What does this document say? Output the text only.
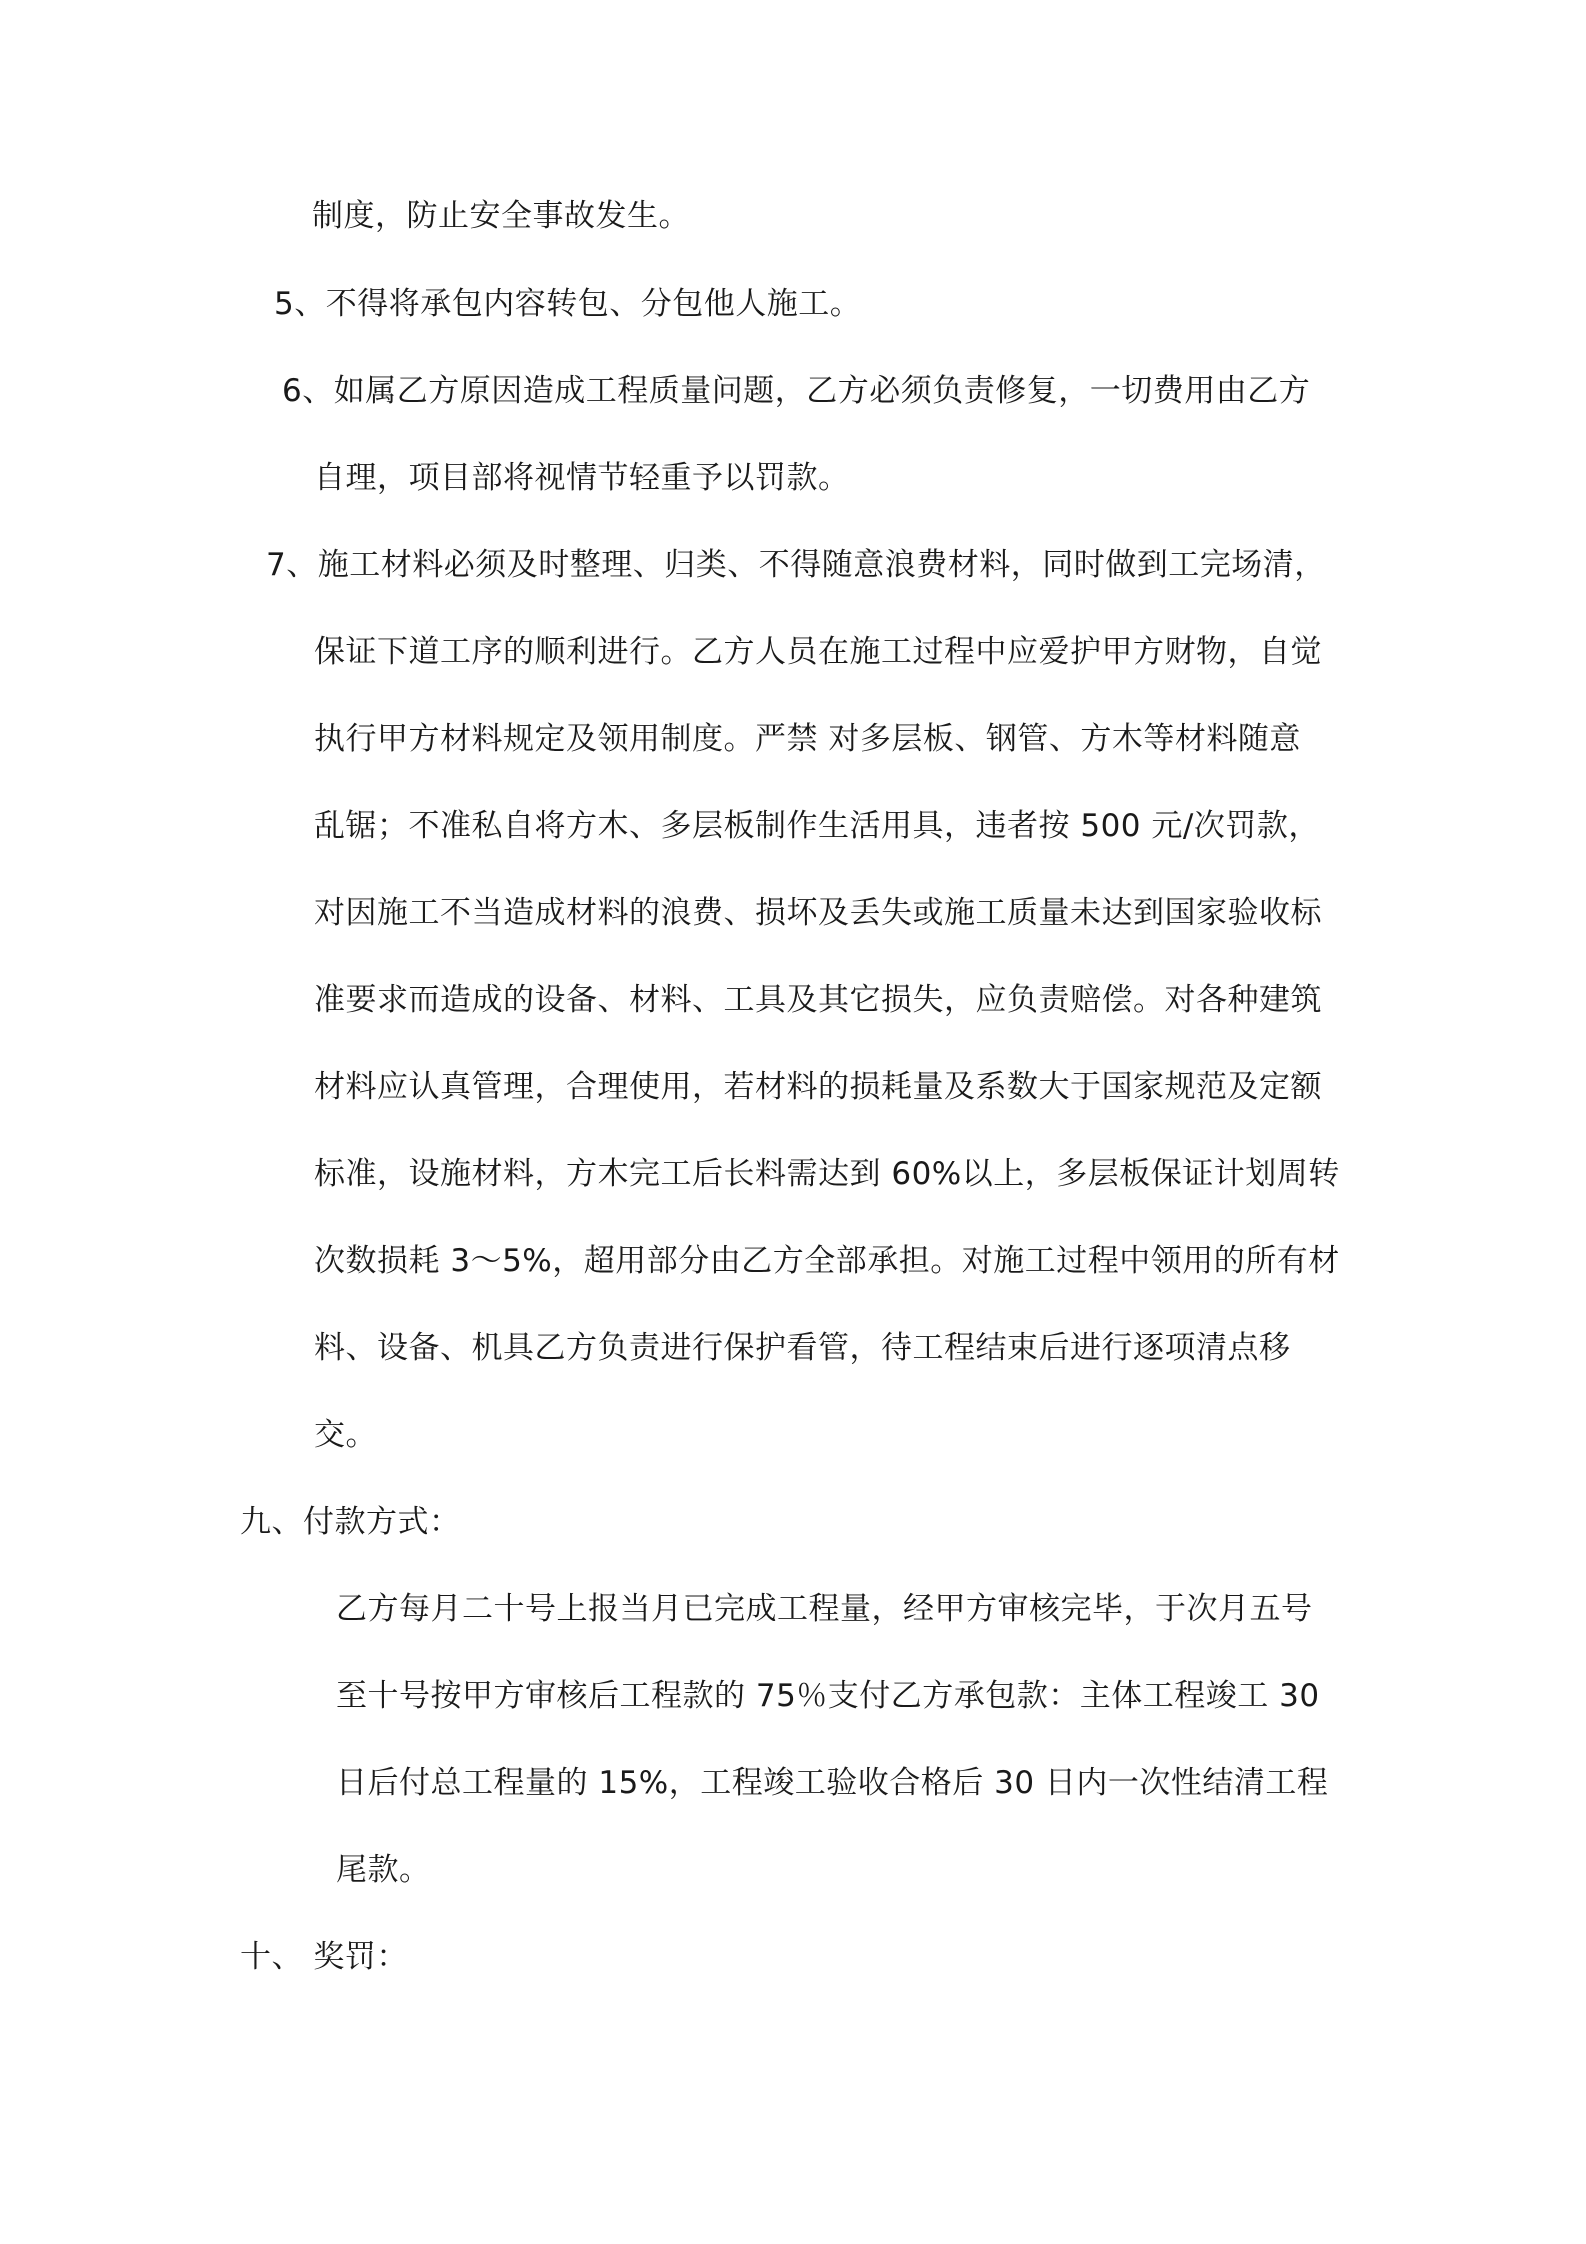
制度，防止安全事故发生。
5、不得将承包内容转包、分包他人施工。
6、如属乙方原因造成工程质量问题，乙方必须负责修复，一切费用由乙方
自理，项目部将视情节轻重予以罚款。
7、施工材料必须及时整理、归类、不得随意浪费材料，同时做到工完场清，
保证下道工序的顺利进行。乙方人员在施工过程中应爱护甲方财物，自觉
执行甲方材料规定及领用制度。严禁 对多层板、钢管、方木等材料随意
乱锯；不准私自将方木、多层板制作生活用具，违者按 500 元/次罚款，
对因施工不当造成材料的浪费、损坏及丢失或施工质量未达到国家验收标
准要求而造成的设备、材料、工具及其它损失，应负责赔偿。对各种建筑
材料应认真管理，合理使用，若材料的损耗量及系数大于国家规范及定额
标准，设施材料，方木完工后长料需达到 60%以上，多层板保证计划周转
次数损耗 3～5%，超用部分由乙方全部承担。对施工过程中领用的所有材
料、设备、机具乙方负责进行保护看管，待工程结束后进行逐项清点移
交。
九、付款方式：
乙方每月二十号上报当月已完成工程量，经甲方审核完毕，于次月五号
至十号按甲方审核后工程款的 75％支付乙方承包款：主体工程竣工 30
日后付总工程量的 15%，工程竣工验收合格后 30 日内一次性结清工程
尾款。
十、 奖罚：
